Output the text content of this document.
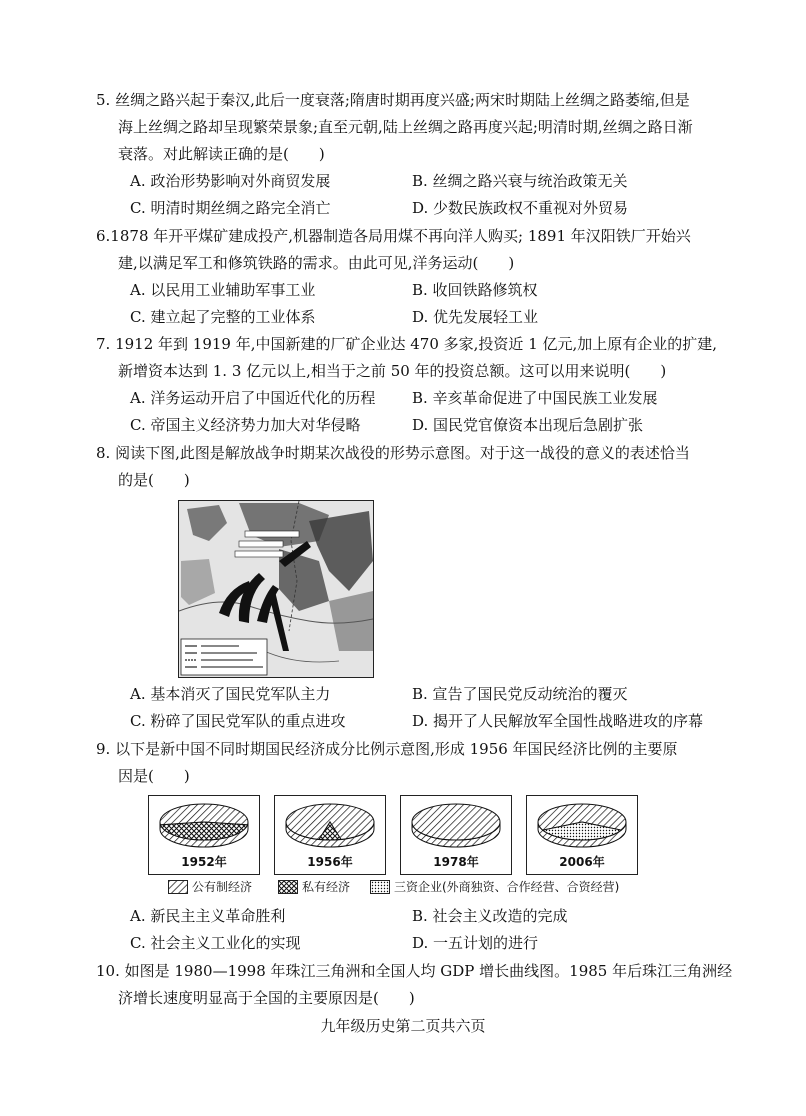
5. 丝绸之路兴起于秦汉,此后一度衰落;隋唐时期再度兴盛;两宋时期陆上丝绸之路萎缩,但是
海上丝绸之路却呈现繁荣景象;直至元朝,陆上丝绸之路再度兴起;明清时期,丝绸之路日渐
衰落。对此解读正确的是(　　)
A. 政治形势影响对外商贸发展	B. 丝绸之路兴衰与统治政策无关
C. 明清时期丝绸之路完全消亡	D. 少数民族政权不重视对外贸易
6.1878 年开平煤矿建成投产,机器制造各局用煤不再向洋人购买; 1891 年汉阳铁厂开始兴
建,以满足军工和修筑铁路的需求。由此可见,洋务运动(　　)
A. 以民用工业辅助军事工业	B. 收回铁路修筑权
C. 建立起了完整的工业体系	D. 优先发展轻工业
7. 1912 年到 1919 年,中国新建的厂矿企业达 470 多家,投资近 1 亿元,加上原有企业的扩建,
新增资本达到 1. 3 亿元以上,相当于之前 50 年的投资总额。这可以用来说明(　　)
A. 洋务运动开启了中国近代化的历程 B. 辛亥革命促进了中国民族工业发展
C. 帝国主义经济势力加大对华侵略	D. 国民党官僚资本出现后急剧扩张
8. 阅读下图,此图是解放战争时期某次战役的形势示意图。对于这一战役的意义的表述恰当
的是(　　)
A. 基本消灭了国民党军队主力	B. 宣告了国民党反动统治的覆灭
C. 粉碎了国民党军队的重点进攻	D. 揭开了人民解放军全国性战略进攻的序幕
9. 以下是新中国不同时期国民经济成分比例示意图,形成 1956 年国民经济比例的主要原
因是(　　)
1952年	1956年	1978年	2006年
公有制经济	私有经济	三资企业(外商独资、合作经营、合资经营)
A. 新民主主义革命胜利	B. 社会主义改造的完成
C. 社会主义工业化的实现	D. 一五计划的进行
10. 如图是 1980—1998 年珠江三角洲和全国人均 GDP 增长曲线图。1985 年后珠江三角洲经
济增长速度明显高于全国的主要原因是(　　)
九年级历史第二页共六页
